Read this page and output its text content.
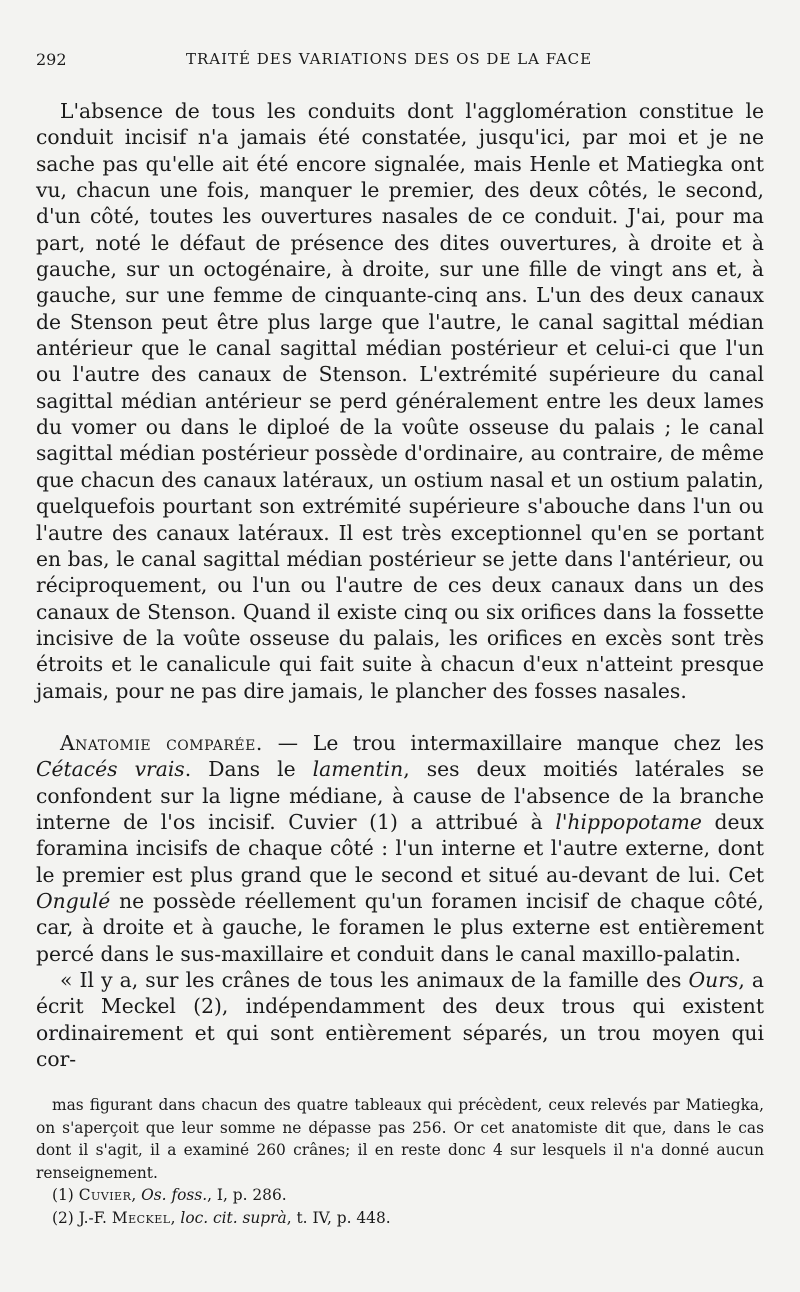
292	TRAITÉ DES VARIATIONS DES OS DE LA FACE

L'absence de tous les conduits dont l'agglomération constitue le conduit incisif n'a jamais été constatée, jusqu'ici, par moi et je ne sache pas qu'elle ait été encore signalée, mais Henle et Matiegka ont vu, chacun une fois, manquer le premier, des deux côtés, le second, d'un côté, toutes les ouvertures nasales de ce conduit. J'ai, pour ma part, noté le défaut de présence des dites ouvertures, à droite et à gauche, sur un octogénaire, à droite, sur une fille de vingt ans et, à gauche, sur une femme de cinquante-cinq ans. L'un des deux canaux de Stenson peut être plus large que l'autre, le canal sagittal médian antérieur que le canal sagittal médian postérieur et celui-ci que l'un ou l'autre des canaux de Stenson. L'extrémité supérieure du canal sagittal médian antérieur se perd généralement entre les deux lames du vomer ou dans le diploé de la voûte osseuse du palais ; le canal sagittal médian postérieur possède d'ordinaire, au contraire, de même que chacun des canaux latéraux, un ostium nasal et un ostium palatin, quelquefois pourtant son extrémité supérieure s'abouche dans l'un ou l'autre des canaux latéraux. Il est très exceptionnel qu'en se portant en bas, le canal sagittal médian postérieur se jette dans l'antérieur, ou réciproquement, ou l'un ou l'autre de ces deux canaux dans un des canaux de Stenson. Quand il existe cinq ou six orifices dans la fossette incisive de la voûte osseuse du palais, les orifices en excès sont très étroits et le canalicule qui fait suite à chacun d'eux n'atteint presque jamais, pour ne pas dire jamais, le plancher des fosses nasales.

Anatomie comparée. — Le trou intermaxillaire manque chez les Cétacés vrais. Dans le lamentin, ses deux moitiés latérales se confondent sur la ligne médiane, à cause de l'absence de la branche interne de l'os incisif. Cuvier (1) a attribué à l'hippopotame deux foramina incisifs de chaque côté : l'un interne et l'autre externe, dont le premier est plus grand que le second et situé au-devant de lui. Cet Ongulé ne possède réellement qu'un foramen incisif de chaque côté, car, à droite et à gauche, le foramen le plus externe est entièrement percé dans le sus-maxillaire et conduit dans le canal maxillo-palatin.

« Il y a, sur les crânes de tous les animaux de la famille des Ours, a écrit Meckel (2), indépendamment des deux trous qui existent ordinairement et qui sont entièrement séparés, un trou moyen qui cor-

mas figurant dans chacun des quatre tableaux qui précèdent, ceux relevés par Matiegka, on s'aperçoit que leur somme ne dépasse pas 256. Or cet anatomiste dit que, dans le cas dont il s'agit, il a examiné 260 crânes; il en reste donc 4 sur lesquels il n'a donné aucun renseignement.

(1) Cuvier, Os. foss., I, p. 286.

(2) J.-F. Meckel, loc. cit. suprà, t. IV, p. 448.
